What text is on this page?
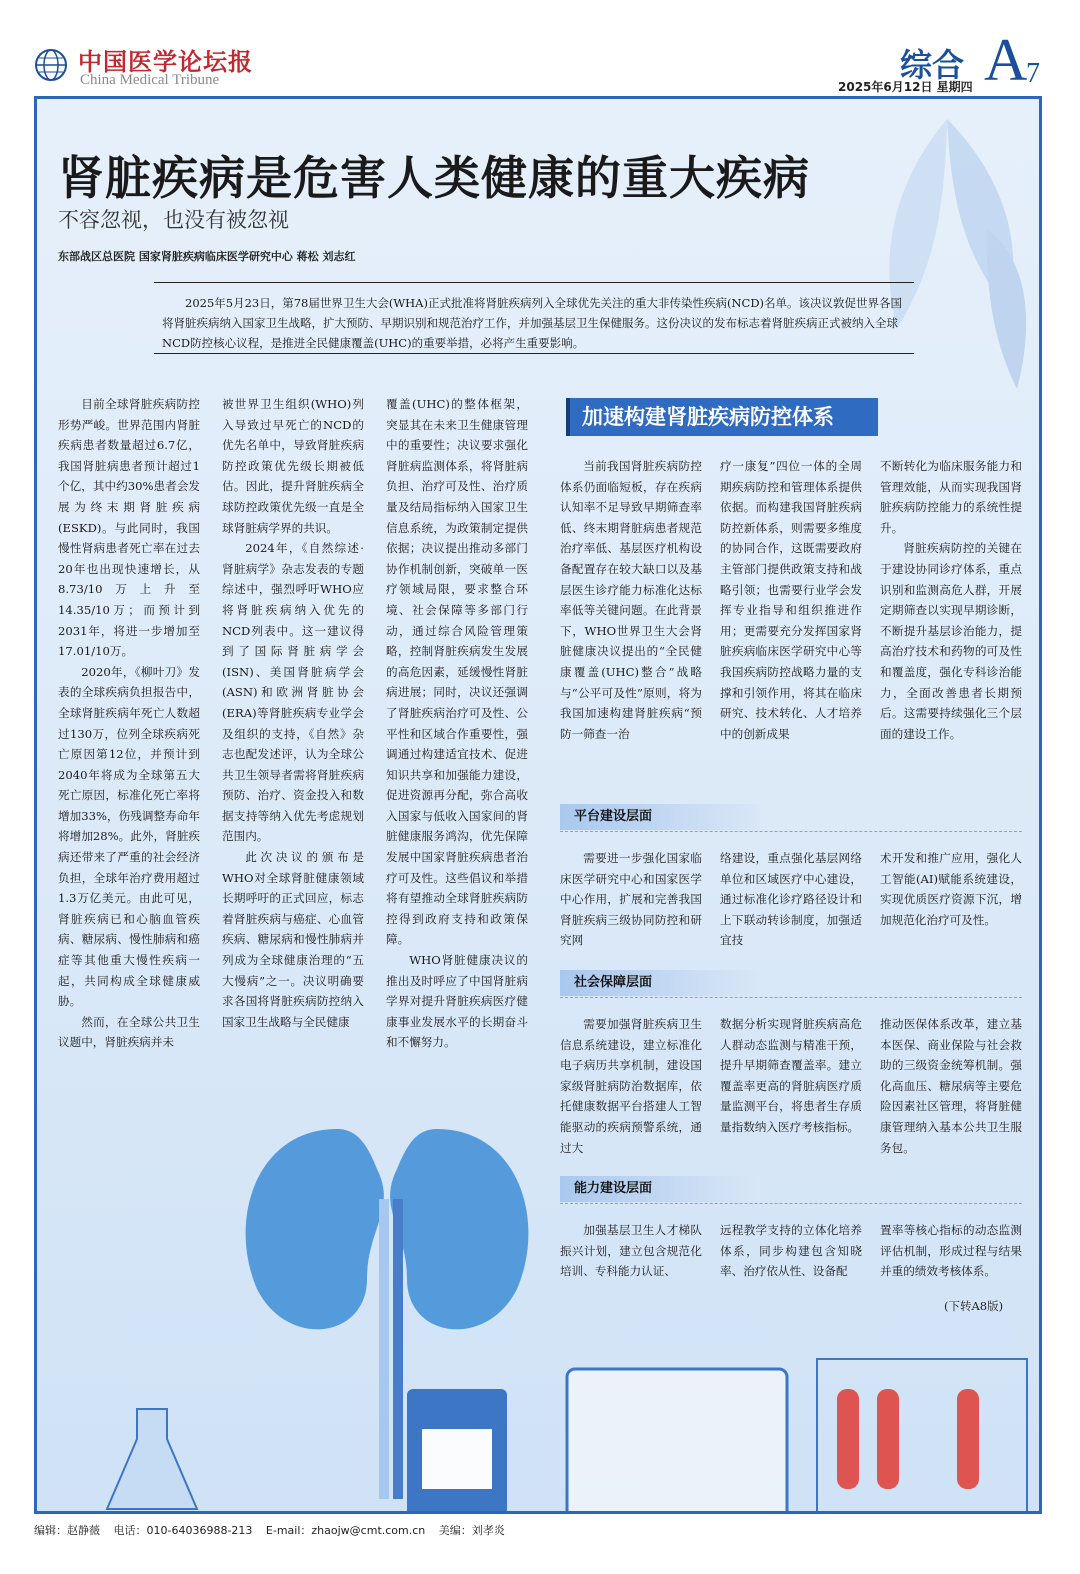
中国医学论坛报
China Medical Tribune	综合 A
7
2025年6月12日 星期四
肾脏疾病是危害人类健康的重大疾病
不容忽视，也没有被忽视
东部战区总医院 国家肾脏疾病临床医学研究中心 蒋松 刘志红
2025年5月23日，第78届世界卫生大会(WHA)正式批准将肾脏疾病列入全球优先关注的重大非传染性疾病(NCD)名单。该决议敦促世界各国将肾脏疾病纳入国家卫生战略，扩大预防、早期识别和规范治疗工作，并加强基层卫生保健服务。这份决议的发布标志着肾脏疾病正式被纳入全球NCD防控核心议程，是推进全民健康覆盖(UHC)的重要举措，必将产生重要影响。

目前全球肾脏疾病防控形势严峻。世界范围内肾脏疾病患者数量超过6.7亿，我国肾脏病患者预计超过1个亿，其中约30%患者会发展为终末期肾脏疾病(ESKD)。与此同时，我国慢性肾病患者死亡率在过去20年也出现快速增长，从8.73/10万上升至14.35/10万；而预计到2031年，将进一步增加至17.01/10万。

2020年，《柳叶刀》发表的全球疾病负担报告中，全球肾脏疾病年死亡人数超过130万，位列全球疾病死亡原因第12位，并预计到2040年将成为全球第五大死亡原因，标准化死亡率将增加33%，伤残调整寿命年将增加28%。此外，肾脏疾病还带来了严重的社会经济负担，全球年治疗费用超过1.3万亿美元。由此可见，肾脏疾病已和心脑血管疾病、糖尿病、慢性肺病和癌症等其他重大慢性疾病一起，共同构成全球健康威胁。

然而，在全球公共卫生议题中，肾脏疾病并未

被世界卫生组织(WHO)列入导致过早死亡的NCD的优先名单中，导致肾脏疾病防控政策优先级长期被低估。因此，提升肾脏疾病全球防控政策优先级一直是全球肾脏病学界的共识。

2024年，《自然综述·肾脏病学》杂志发表的专题综述中，强烈呼吁WHO应将肾脏疾病纳入优先的NCD列表中。这一建议得到了国际肾脏病学会(ISN)、美国肾脏病学会(ASN)和欧洲肾脏协会(ERA)等肾脏疾病专业学会及组织的支持，《自然》杂志也配发述评，认为全球公共卫生领导者需将肾脏疾病预防、治疗、资金投入和数据支持等纳入优先考虑规划范围内。

此次决议的颁布是WHO对全球肾脏健康领域长期呼吁的正式回应，标志着肾脏疾病与癌症、心血管疾病、糖尿病和慢性肺病并列成为全球健康治理的“五大慢病”之一。决议明确要求各国将肾脏疾病防控纳入国家卫生战略与全民健康

覆盖(UHC)的整体框架，突显其在未来卫生健康管理中的重要性；决议要求强化肾脏病监测体系，将肾脏病负担、治疗可及性、治疗质量及结局指标纳入国家卫生信息系统，为政策制定提供依据；决议提出推动多部门协作机制创新，突破单一医疗领域局限，要求整合环境、社会保障等多部门行动，通过综合风险管理策略，控制肾脏疾病发生发展的高危因素，延缓慢性肾脏病进展；同时，决议还强调了肾脏疾病治疗可及性、公平性和区域合作重要性，强调通过构建适宜技术、促进知识共享和加强能力建设，促进资源再分配，弥合高收入国家与低收入国家间的肾脏健康服务鸿沟，优先保障发展中国家肾脏疾病患者治疗可及性。这些倡议和举措将有望推动全球肾脏疾病防控得到政府支持和政策保障。

WHO肾脏健康决议的推出及时呼应了中国肾脏病学界对提升肾脏疾病医疗健康事业发展水平的长期奋斗和不懈努力。

加速构建肾脏疾病防控体系

当前我国肾脏疾病防控体系仍面临短板，存在疾病认知率不足导致早期筛查率低、终末期肾脏病患者规范治疗率低、基层医疗机构设备配置存在较大缺口以及基层医生诊疗能力标准化达标率低等关键问题。在此背景下，WHO世界卫生大会肾脏健康决议提出的“全民健康覆盖(UHC)整合”战略与“公平可及性”原则，将为我国加速构建肾脏疾病“预防一筛查一治

疗一康复”四位一体的全周期疾病防控和管理体系提供依据。而构建我国肾脏疾病防控新体系，则需要多维度的协同合作，这既需要政府主管部门提供政策支持和战略引领；也需要行业学会发挥专业指导和组织推进作用；更需要充分发挥国家肾脏疾病临床医学研究中心等我国疾病防控战略力量的支撑和引领作用，将其在临床研究、技术转化、人才培养中的创新成果

不断转化为临床服务能力和管理效能，从而实现我国肾脏疾病防控能力的系统性提升。

肾脏疾病防控的关键在于建设协同诊疗体系，重点识别和监测高危人群，开展定期筛查以实现早期诊断，不断提升基层诊治能力，提高治疗技术和药物的可及性和覆盖度，强化专科诊治能力，全面改善患者长期预后。这需要持续强化三个层面的建设工作。

平台建设层面

需要进一步强化国家临床医学研究中心和国家医学中心作用，扩展和完善我国肾脏疾病三级协同防控和研究网

络建设，重点强化基层网络单位和区域医疗中心建设，通过标准化诊疗路径设计和上下联动转诊制度，加强适宜技

术开发和推广应用，强化人工智能(AI)赋能系统建设，实现优质医疗资源下沉，增加规范化治疗可及性。

社会保障层面

需要加强肾脏疾病卫生信息系统建设，建立标准化电子病历共享机制，建设国家级肾脏病防治数据库，依托健康数据平台搭建人工智能驱动的疾病预警系统，通过大

数据分析实现肾脏疾病高危人群动态监测与精准干预，提升早期筛查覆盖率。建立覆盖率更高的肾脏病医疗质量监测平台，将患者生存质量指数纳入医疗考核指标。

推动医保体系改革，建立基本医保、商业保险与社会救助的三级资金统筹机制。强化高血压、糖尿病等主要危险因素社区管理，将肾脏健康管理纳入基本公共卫生服务包。

能力建设层面

加强基层卫生人才梯队振兴计划，建立包含规范化培训、专科能力认证、

远程教学支持的立体化培养体系，同步构建包含知晓率、治疗依从性、设备配

置率等核心指标的动态监测评估机制，形成过程与结果并重的绩效考核体系。

(下转A8版)
编辑：赵静薇 电话：010-64036988-213 E-mail：zhaojw@cmt.com.cn 美编：刘孝炎
